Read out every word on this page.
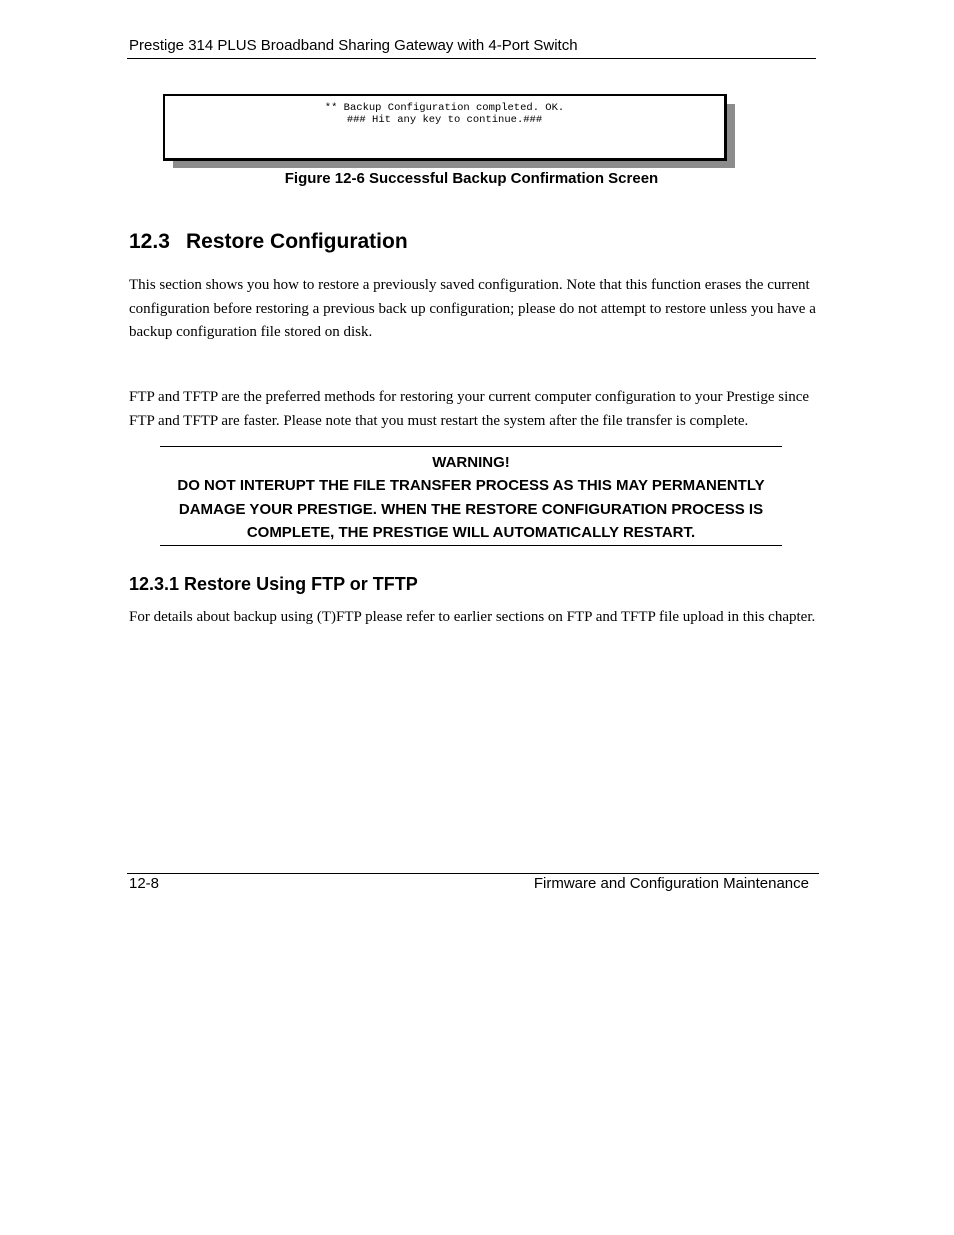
Prestige 314 PLUS Broadband Sharing Gateway with 4-Port Switch
** Backup Configuration completed. OK.
### Hit any key to continue.###
Figure 12-6 Successful Backup Confirmation Screen
12.3 Restore Configuration
This section shows you how to restore a previously saved configuration. Note that this function erases the current configuration before restoring a previous back up configuration; please do not attempt to restore unless you have a backup configuration file stored on disk.
FTP and TFTP are the preferred methods for restoring your current computer configuration to your Prestige since FTP and TFTP are faster. Please note that you must restart the system after the file transfer is complete.
WARNING!
DO NOT INTERUPT THE FILE TRANSFER PROCESS AS THIS MAY PERMANENTLY
DAMAGE YOUR PRESTIGE. WHEN THE RESTORE CONFIGURATION PROCESS IS
COMPLETE, THE PRESTIGE WILL AUTOMATICALLY RESTART.
12.3.1 Restore Using FTP or TFTP
For details about backup using (T)FTP please refer to earlier sections on FTP and TFTP file upload in this chapter.
12-8	Firmware and Configuration Maintenance
